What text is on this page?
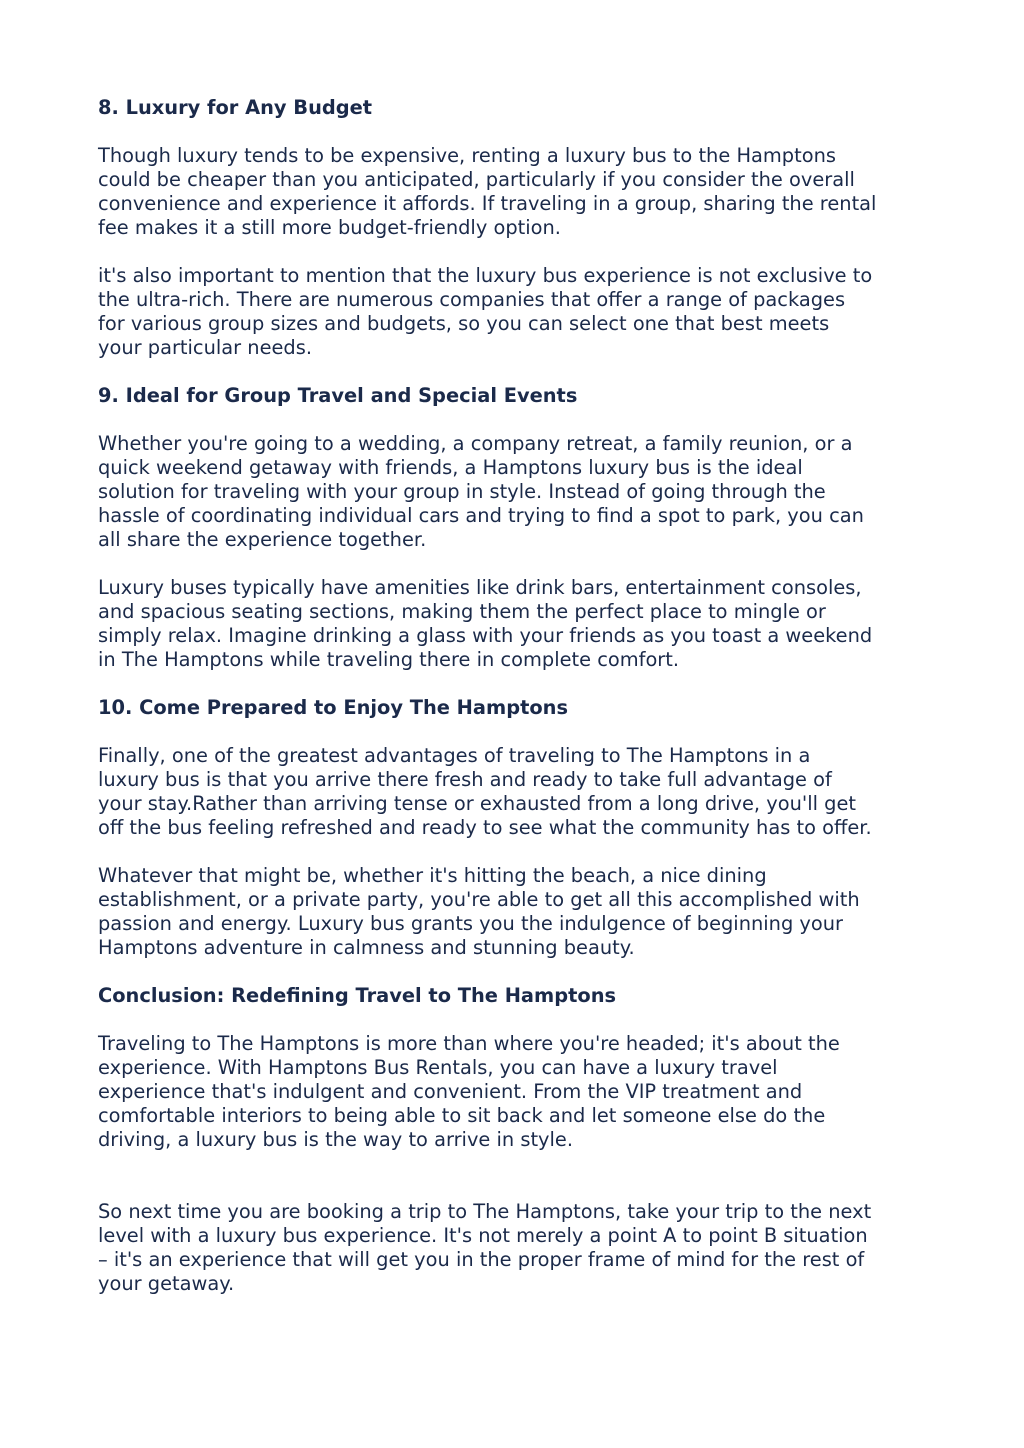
8. Luxury for Any Budget
Though luxury tends to be expensive, renting a luxury bus to the Hamptons
could be cheaper than you anticipated, particularly if you consider the overall
convenience and experience it affords. If traveling in a group, sharing the rental
fee makes it a still more budget-friendly option.
it's also important to mention that the luxury bus experience is not exclusive to
the ultra-rich. There are numerous companies that offer a range of packages
for various group sizes and budgets, so you can select one that best meets
your particular needs.
9. Ideal for Group Travel and Special Events
Whether you're going to a wedding, a company retreat, a family reunion, or a
quick weekend getaway with friends, a Hamptons luxury bus is the ideal
solution for traveling with your group in style. Instead of going through the
hassle of coordinating individual cars and trying to find a spot to park, you can
all share the experience together.
Luxury buses typically have amenities like drink bars, entertainment consoles,
and spacious seating sections, making them the perfect place to mingle or
simply relax. Imagine drinking a glass with your friends as you toast a weekend
in The Hamptons while traveling there in complete comfort.
10. Come Prepared to Enjoy The Hamptons
Finally, one of the greatest advantages of traveling to The Hamptons in a
luxury bus is that you arrive there fresh and ready to take full advantage of
your stay.Rather than arriving tense or exhausted from a long drive, you'll get
off the bus feeling refreshed and ready to see what the community has to offer.
Whatever that might be, whether it's hitting the beach, a nice dining
establishment, or a private party, you're able to get all this accomplished with
passion and energy. Luxury bus grants you the indulgence of beginning your
Hamptons adventure in calmness and stunning beauty.
Conclusion: Redefining Travel to The Hamptons
Traveling to The Hamptons is more than where you're headed; it's about the
experience. With Hamptons Bus Rentals, you can have a luxury travel
experience that's indulgent and convenient. From the VIP treatment and
comfortable interiors to being able to sit back and let someone else do the
driving, a luxury bus is the way to arrive in style.
So next time you are booking a trip to The Hamptons, take your trip to the next
level with a luxury bus experience. It's not merely a point A to point B situation
– it's an experience that will get you in the proper frame of mind for the rest of
your getaway.
